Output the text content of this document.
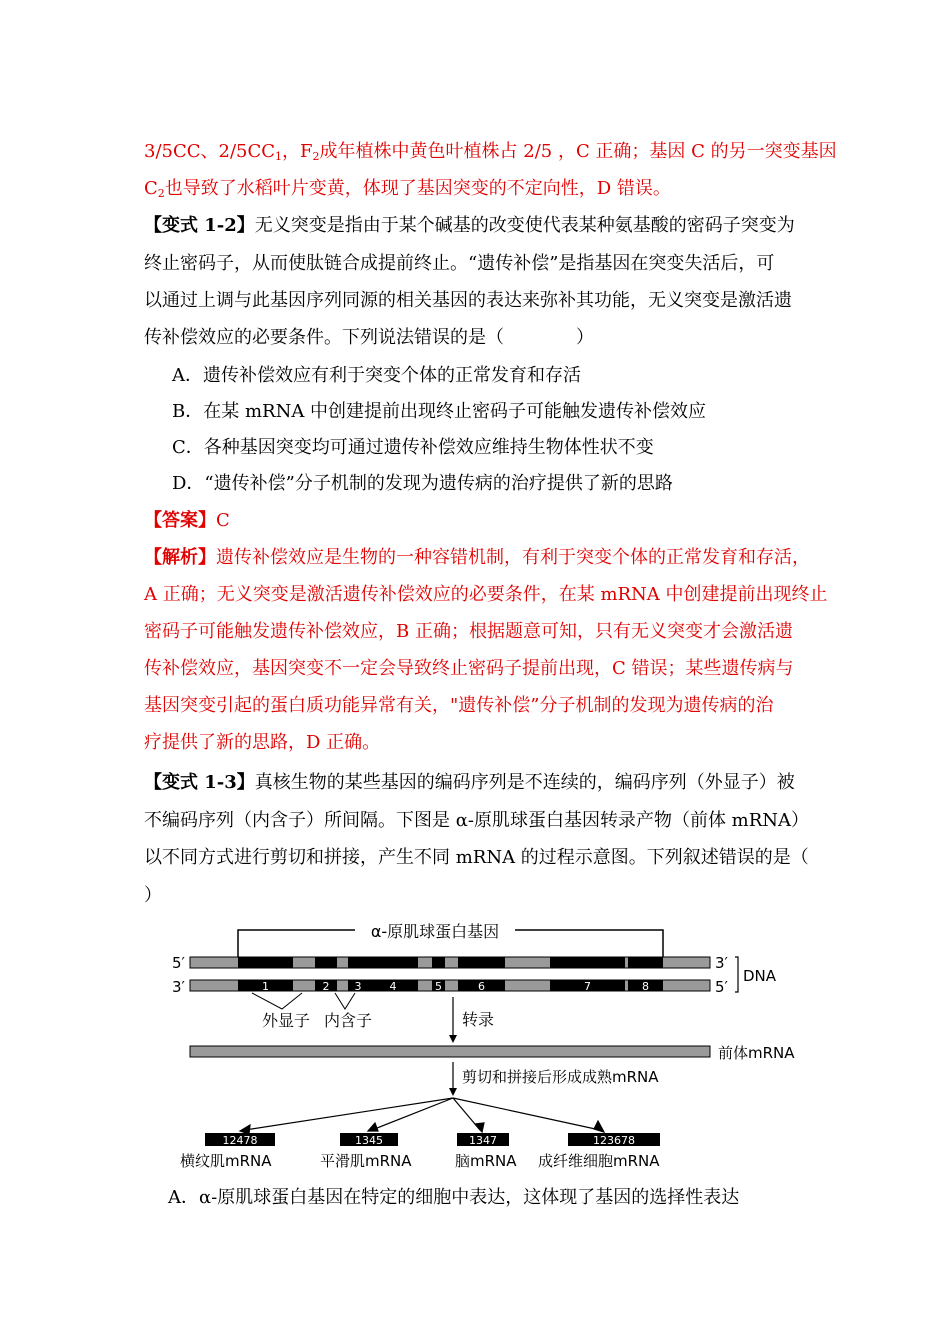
3/5CC、$2/5CC_1$，$F_2$成年植株中黄色叶植株占 2/5 ，C 正确；基因 C 的另一突变基因
$C_2$也导致了水稻叶片变黄，体现了基因突变的不定向性，D 错误。
【变式 1-2】无义突变是指由于某个碱基的改变使代表某种氨基酸的密码子突变为
终止密码子，从而使肽链合成提前终止。“遗传补偿”是指基因在突变失活后，可
以通过上调与此基因序列同源的相关基因的表达来弥补其功能，无义突变是激活遗
传补偿效应的必要条件。下列说法错误的是（　　　　）
A．遗传补偿效应有利于突变个体的正常发育和存活
B．在某 mRNA 中创建提前出现终止密码子可能触发遗传补偿效应
C．各种基因突变均可通过遗传补偿效应维持生物体性状不变
D．“遗传补偿”分子机制的发现为遗传病的治疗提供了新的思路
【答案】C
【解析】遗传补偿效应是生物的一种容错机制，有利于突变个体的正常发育和存活，
A 正确；无义突变是激活遗传补偿效应的必要条件，在某 mRNA 中创建提前出现终止
密码子可能触发遗传补偿效应，B 正确；根据题意可知，只有无义突变才会激活遗
传补偿效应，基因突变不一定会导致终止密码子提前出现，C 错误；某些遗传病与
基因突变引起的蛋白质功能异常有关，"遗传补偿”分子机制的发现为遗传病的治
疗提供了新的思路，D 正确。
【变式 1-3】真核生物的某些基因的编码序列是不连续的，编码序列（外显子）被
不编码序列（内含子）所间隔。下图是 α-原肌球蛋白基因转录产物（前体 mRNA）
以不同方式进行剪切和拼接，产生不同 mRNA 的过程示意图。下列叙述错误的是（
）
α-原肌球蛋白基因
5′
3′	1	2 3	4	5	6	7	8
3′
5′
DNA
外显子 内含子	转录
前体mRNA
剪切和拼接后形成成熟mRNA
12478
横纹肌mRNA
1345
平滑肌mRNA
1347
脑mRNA
123678
成纤维细胞mRNA
A．α-原肌球蛋白基因在特定的细胞中表达，这体现了基因的选择性表达
